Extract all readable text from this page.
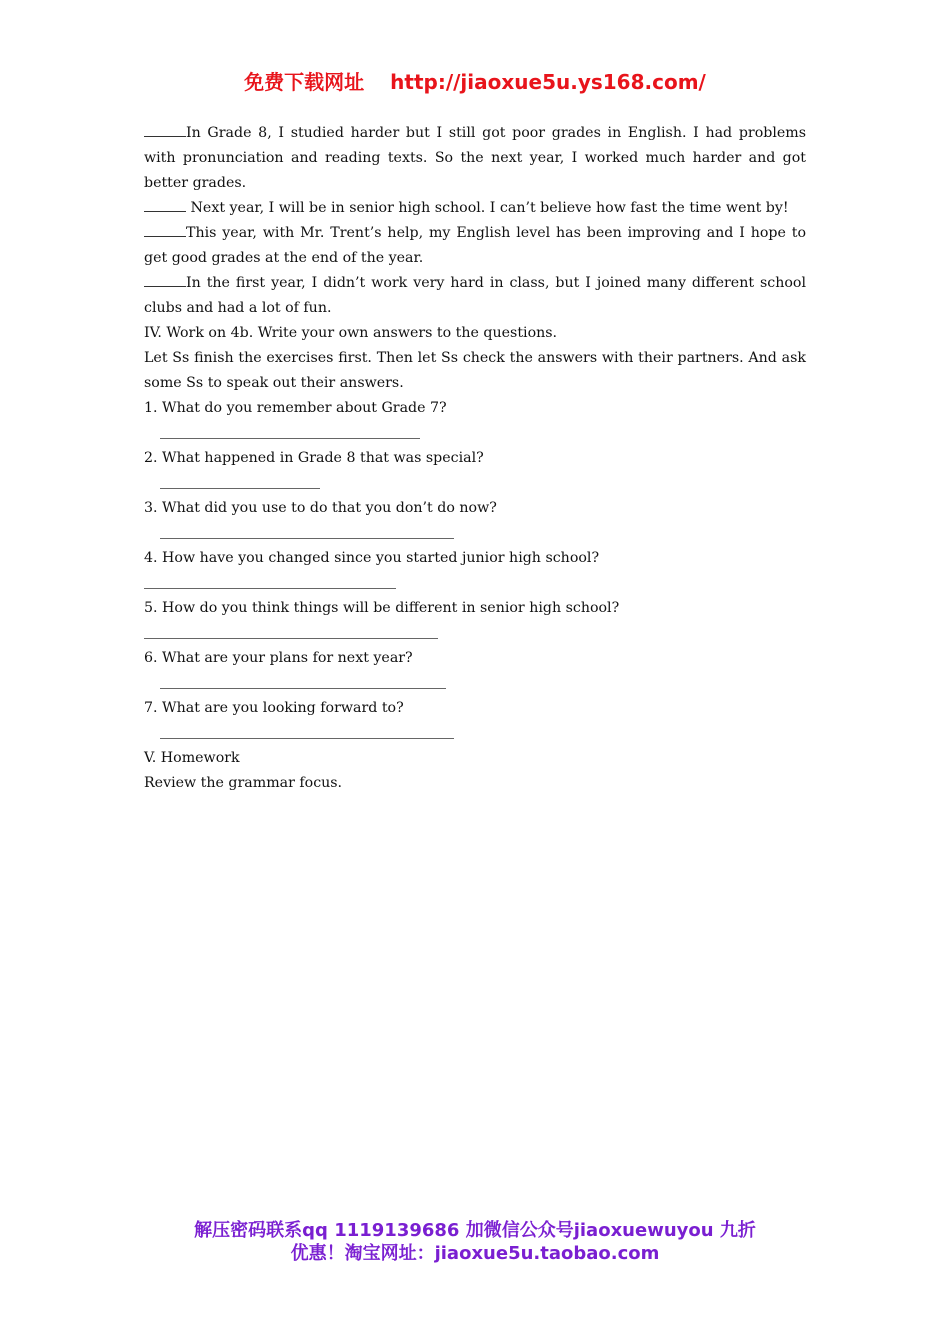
免费下载网址 http://jiaoxue5u.ys168.com/

In Grade 8, I studied harder but I still got poor grades in English. I had problems with pronunciation and reading texts. So the next year, I worked much harder and got better grades.

Next year, I will be in senior high school. I can’t believe how fast the time went by!

This year, with Mr. Trent’s help, my English level has been improving and I hope to get good grades at the end of the year.

In the first year, I didn’t work very hard in class, but I joined many different school clubs and had a lot of fun.

IV. Work on 4b. Write your own answers to the questions.

Let Ss finish the exercises first. Then let Ss check the answers with their partners. And ask some Ss to speak out their answers.

1. What do you remember about Grade 7?

2. What happened in Grade 8 that was special?

3. What did you use to do that you don’t do now?

4. How have you changed since you started junior high school?

5. How do you think things will be different in senior high school?

6. What are your plans for next year?

7. What are you looking forward to?

V. Homework

Review the grammar focus.

解压密码联系qq 1119139686 加微信公众号jiaoxuewuyou 九折
优惠！淘宝网址：jiaoxue5u.taobao.com
